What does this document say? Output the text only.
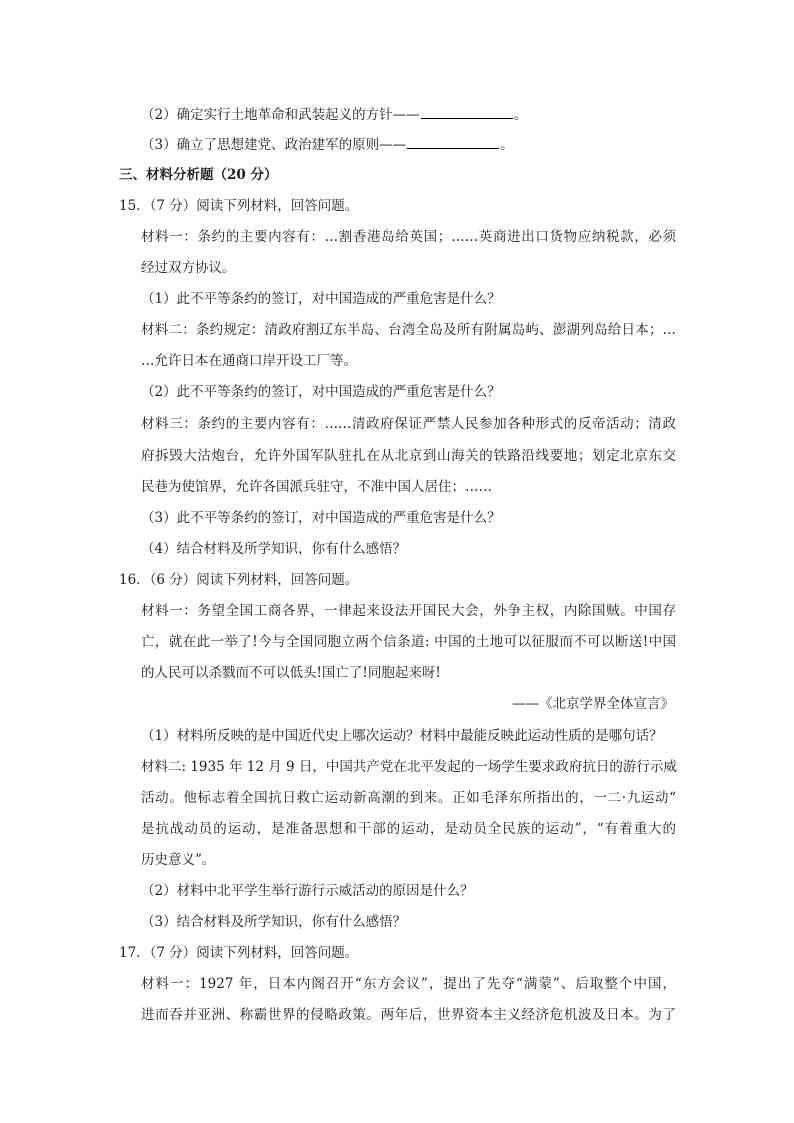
（2）确定实行土地革命和武装起义的方针——	。
（3）确立了思想建党、政治建军的原则——	。
三、材料分析题（20 分）
15．（7 分）阅读下列材料，回答问题。
材料一：条约的主要内容有：…割香港岛给英国；……英商进出口货物应纳税款，必须
经过双方协议。
（1）此不平等条约的签订，对中国造成的严重危害是什么？
材料二：条约规定：清政府割辽东半岛、台湾全岛及所有附属岛屿、澎湖列岛给日本；…
…允许日本在通商口岸开设工厂等。
（2）此不平等条约的签订，对中国造成的严重危害是什么？
材料三：条约的主要内容有：……清政府保证严禁人民参加各种形式的反帝活动；清政
府拆毁大沽炮台，允许外国军队驻扎在从北京到山海关的铁路沿线要地；划定北京东交
民巷为使馆界，允许各国派兵驻守，不准中国人居住；……
（3）此不平等条约的签订，对中国造成的严重危害是什么？
（4）结合材料及所学知识，你有什么感悟？
16．（6 分）阅读下列材料，回答问题。
材料一：务望全国工商各界，一律起来设法开国民大会，外争主权，内除国贼。中国存
亡，就在此一举了!今与全国同胞立两个信条道: 中国的土地可以征服而不可以断送!中国
的人民可以杀戮而不可以低头!国亡了!同胞起来呀!
——《北京学界全体宣言》
（1）材料所反映的是中国近代史上哪次运动？材料中最能反映此运动性质的是哪句话？
材料二: 1935 年 12 月 9 日，中国共产党在北平发起的一场学生要求政府抗日的游行示威
活动。他标志着全国抗日救亡运动新高潮的到来。正如毛泽东所指出的，一二·九运动“
是抗战动员的运动，是准备思想和干部的运动，是动员全民族的运动”，“有着重大的
历史意义”。
（2）材料中北平学生举行游行示威活动的原因是什么？
（3）结合材料及所学知识，你有什么感悟？
17．（7 分）阅读下列材料，回答问题。
材料一：1927 年，日本内阁召开“东方会议”，提出了先夺“满蒙”、后取整个中国，
进而吞并亚洲、称霸世界的侵略政策。两年后，世界资本主义经济危机波及日本。为了
